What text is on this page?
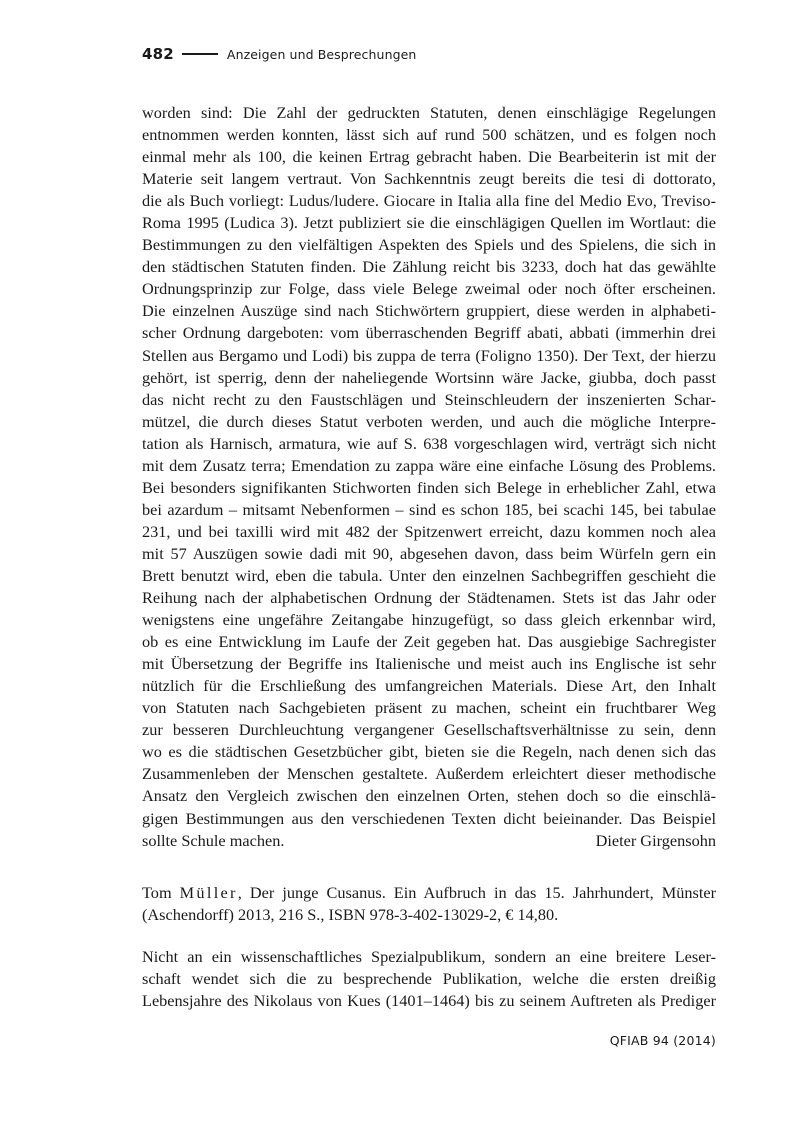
482	Anzeigen und Besprechungen
worden sind: Die Zahl der gedruckten Statuten, denen einschlägige Regelungen
entnommen werden konnten, lässt sich auf rund 500 schätzen, und es folgen noch
einmal mehr als 100, die keinen Ertrag gebracht haben. Die Bearbeiterin ist mit der
Materie seit langem vertraut. Von Sachkenntnis zeugt bereits die tesi di dottorato,
die als Buch vorliegt: Ludus/ludere. Giocare in Italia alla fine del Medio Evo, Treviso-
Roma 1995 (Ludica 3). Jetzt publiziert sie die einschlägigen Quellen im Wortlaut: die
Bestimmungen zu den vielfältigen Aspekten des Spiels und des Spielens, die sich in
den städtischen Statuten finden. Die Zählung reicht bis 3233, doch hat das gewählte
Ordnungsprinzip zur Folge, dass viele Belege zweimal oder noch öfter erscheinen.
Die einzelnen Auszüge sind nach Stichwörtern gruppiert, diese werden in alphabeti-
scher Ordnung dargeboten: vom überraschenden Begriff abati, abbati (immerhin drei
Stellen aus Bergamo und Lodi) bis zuppa de terra (Foligno 1350). Der Text, der hierzu
gehört, ist sperrig, denn der naheliegende Wortsinn wäre Jacke, giubba, doch passt
das nicht recht zu den Faustschlägen und Steinschleudern der inszenierten Schar-
mützel, die durch dieses Statut verboten werden, und auch die mögliche Interpre-
tation als Harnisch, armatura, wie auf S. 638 vorgeschlagen wird, verträgt sich nicht
mit dem Zusatz terra; Emendation zu zappa wäre eine einfache Lösung des Problems.
Bei besonders signifikanten Stichworten finden sich Belege in erheblicher Zahl, etwa
bei azardum – mitsamt Nebenformen – sind es schon 185, bei scachi 145, bei tabulae
231, und bei taxilli wird mit 482 der Spitzenwert erreicht, dazu kommen noch alea
mit 57 Auszügen sowie dadi mit 90, abgesehen davon, dass beim Würfeln gern ein
Brett benutzt wird, eben die tabula. Unter den einzelnen Sachbegriffen geschieht die
Reihung nach der alphabetischen Ordnung der Städtenamen. Stets ist das Jahr oder
wenigstens eine ungefähre Zeitangabe hinzugefügt, so dass gleich erkennbar wird,
ob es eine Entwicklung im Laufe der Zeit gegeben hat. Das ausgiebige Sachregister
mit Übersetzung der Begriffe ins Italienische und meist auch ins Englische ist sehr
nützlich für die Erschließung des umfangreichen Materials. Diese Art, den Inhalt
von Statuten nach Sachgebieten präsent zu machen, scheint ein fruchtbarer Weg
zur besseren Durchleuchtung vergangener Gesellschaftsverhältnisse zu sein, denn
wo es die städtischen Gesetzbücher gibt, bieten sie die Regeln, nach denen sich das
Zusammenleben der Menschen gestaltete. Außerdem erleichtert dieser methodische
Ansatz den Vergleich zwischen den einzelnen Orten, stehen doch so die einschlä-
gigen Bestimmungen aus den verschiedenen Texten dicht beieinander. Das Beispiel
sollte Schule machen.	Dieter Girgensohn
Tom Müller, Der junge Cusanus. Ein Aufbruch in das 15. Jahrhundert, Münster
(Aschendorff) 2013, 216 S., ISBN 978-3-402-13029-2, € 14,80.
Nicht an ein wissenschaftliches Spezialpublikum, sondern an eine breitere Leser-
schaft wendet sich die zu besprechende Publikation, welche die ersten dreißig
Lebensjahre des Nikolaus von Kues (1401–1464) bis zu seinem Auftreten als Prediger
QFIAB 94 (2014)
